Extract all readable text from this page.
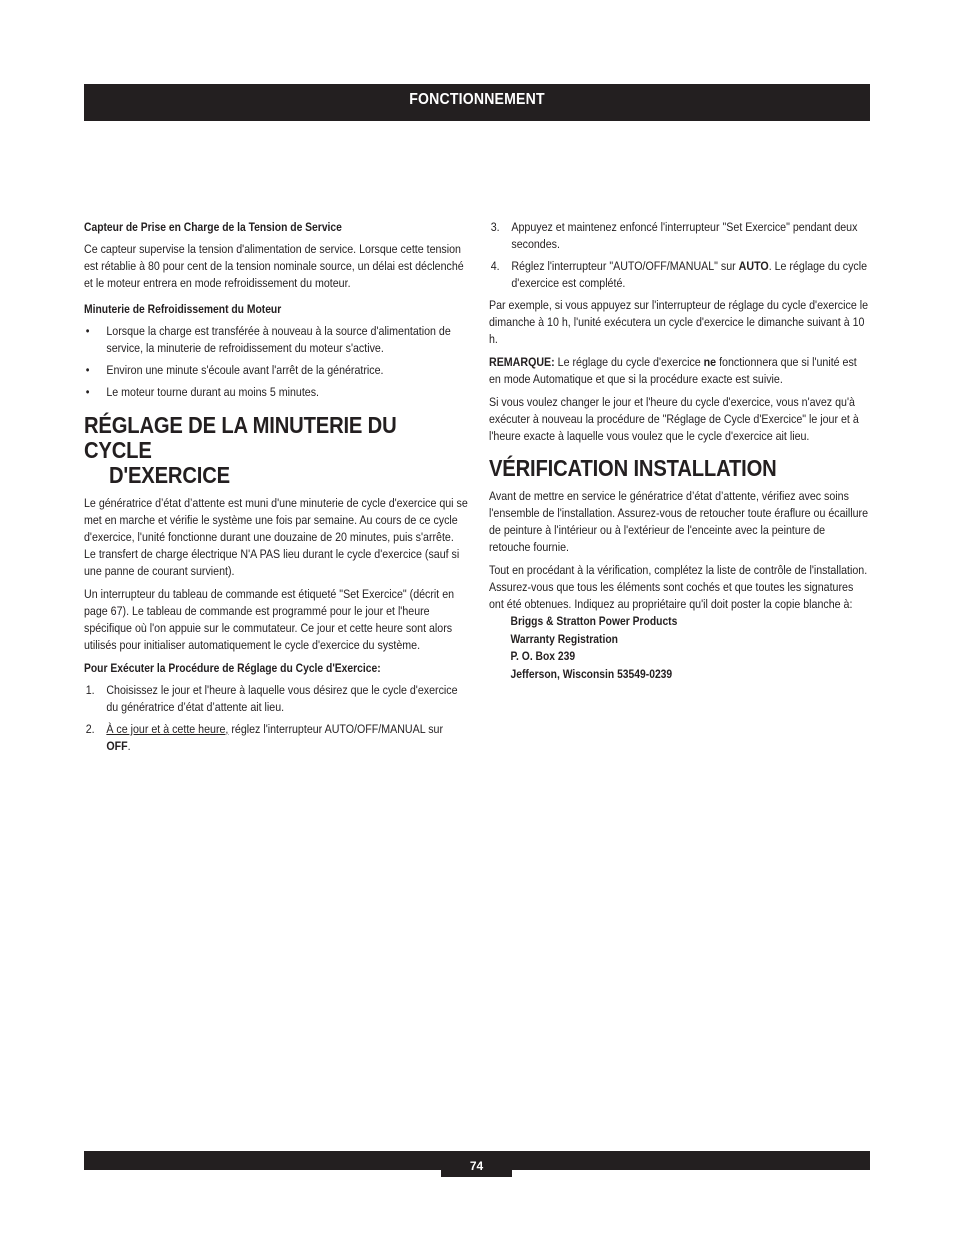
FONCTIONNEMENT

Capteur de Prise en Charge de la Tension de Service

Ce capteur supervise la tension d'alimentation de service. Lorsque cette tension est rétablie à 80 pour cent de la tension nominale source, un délai est déclenché et le moteur entrera en mode refroidissement du moteur.

Minuterie de Refroidissement du Moteur

• Lorsque la charge est transférée à nouveau à la source d'alimentation de service, la minuterie de refroidissement du moteur s'active.
• Environ une minute s'écoule avant l'arrêt de la génératrice.
• Le moteur tourne durant au moins 5 minutes.
RÉGLAGE DE LA MINUTERIE DU CYCLE
D'EXERCICE

Le génératrice d’état d’attente est muni d'une minuterie de cycle d'exercice qui se met en marche et vérifie le système une fois par semaine. Au cours de ce cycle d'exercice, l'unité fonctionne durant une douzaine de 20 minutes, puis s'arrête. Le transfert de charge électrique N'A PAS lieu durant le cycle d'exercice (sauf si une panne de courant survient).

Un interrupteur du tableau de commande est étiqueté "Set Exercice" (décrit en page 67). Le tableau de commande est programmé pour le jour et l'heure spécifique où l'on appuie sur le commutateur. Ce jour et cette heure sont alors utilisés pour initialiser automatiquement le cycle d'exercice du système.

Pour Exécuter la Procédure de Réglage du Cycle d'Exercice:

1. Choisissez le jour et l'heure à laquelle vous désirez que le cycle d'exercice du génératrice d’état d’attente ait lieu.
2. À ce jour et à cette heure, réglez l'interrupteur AUTO/OFF/MANUAL sur OFF.
3. Appuyez et maintenez enfoncé l'interrupteur "Set Exercice" pendant deux secondes.
4. Réglez l'interrupteur "AUTO/OFF/MANUAL" sur AUTO. Le réglage du cycle d'exercice est complété.

Par exemple, si vous appuyez sur l'interrupteur de réglage du cycle d'exercice le dimanche à 10 h, l'unité exécutera un cycle d'exercice le dimanche suivant à 10 h.

REMARQUE: Le réglage du cycle d'exercice ne fonctionnera que si l'unité est en mode Automatique et que si la procédure exacte est suivie.

Si vous voulez changer le jour et l'heure du cycle d'exercice, vous n'avez qu'à exécuter à nouveau la procédure de "Réglage de Cycle d'Exercice" le jour et à l'heure exacte à laquelle vous voulez que le cycle d'exercice ait lieu.

VÉRIFICATION INSTALLATION

Avant de mettre en service le génératrice d’état d’attente, vérifiez avec soins l'ensemble de l'installation. Assurez-vous de retoucher toute éraflure ou écaillure de peinture à l'intérieur ou à l'extérieur de l'enceinte avec la peinture de retouche fournie.

Tout en procédant à la vérification, complétez la liste de contrôle de l'installation. Assurez-vous que tous les éléments sont cochés et que toutes les signatures ont été obtenues. Indiquez au propriétaire qu'il doit poster la copie blanche à:

Briggs & Stratton Power Products
Warranty Registration
P. O. Box 239
Jefferson, Wisconsin 53549-0239
74
